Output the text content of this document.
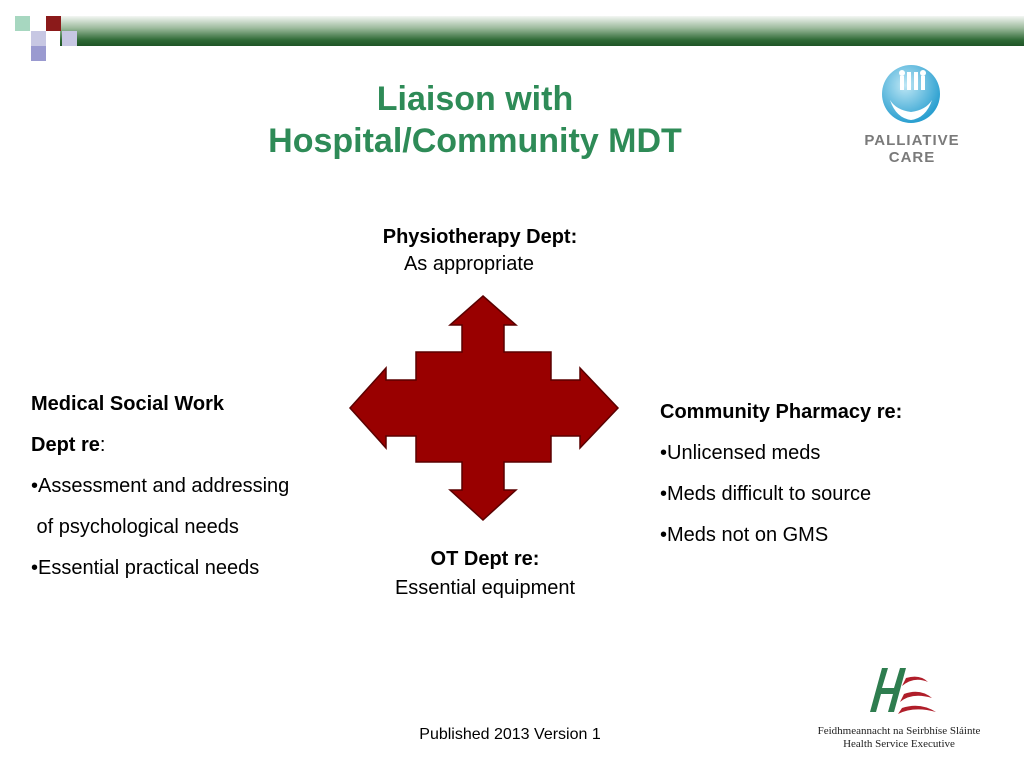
Liaison with
Hospital/Community MDT	PALLIATIVE
CARE
Physiotherapy Dept:
As appropriate
Medical Social Work
Dept re:
•Assessment and addressing
of psychological needs
•Essential practical needs
Community Pharmacy re:
•Unlicensed meds
•Meds difficult to source
•Meds not on GMS
OT Dept re:
Essential equipment
Published 2013 Version 1	Feidhmeannacht na Seirbhíse Sláinte
Health Service Executive
